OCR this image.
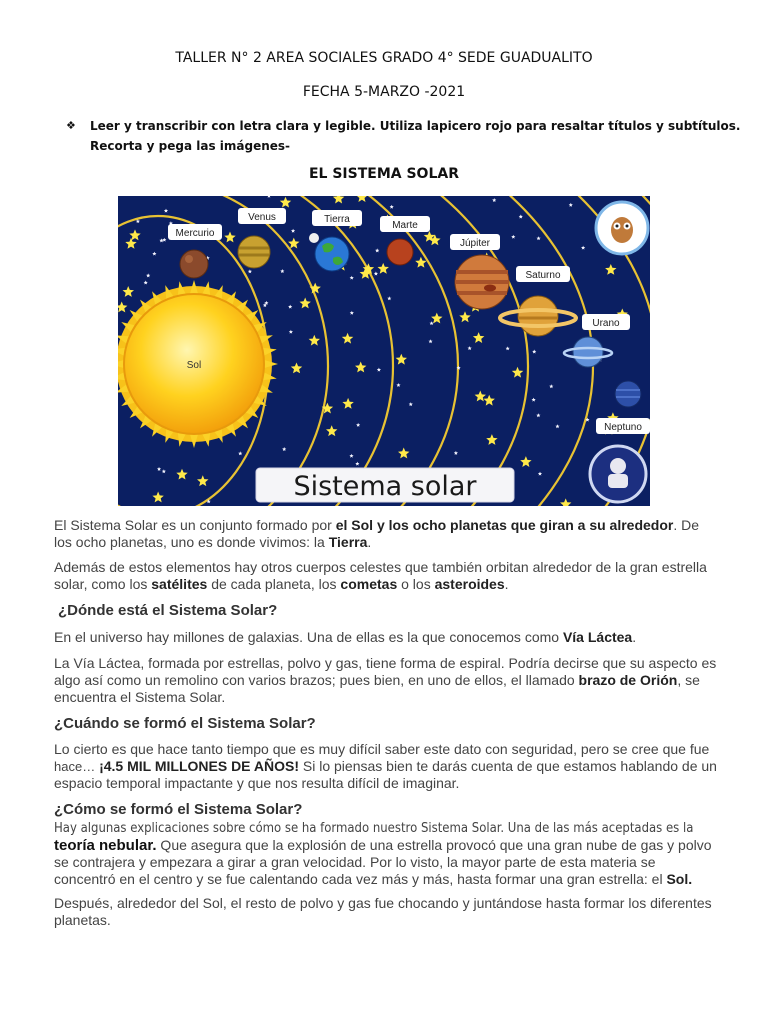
TALLER N° 2 AREA SOCIALES GRADO 4° SEDE GUADUALITO
FECHA 5-MARZO -2021
❖ Leer y transcribir con letra clara y legible. Utiliza lapicero rojo para resaltar títulos y subtítulos. Recorta y pega las imágenes-
EL SISTEMA SOLAR
Sol
Mercurio
Venus	Tierra
Marte
Júpiter
Saturno
Urano
Neptuno
Sistema solar

El Sistema Solar es un conjunto formado por el Sol y los ocho planetas que giran a su alrededor. De los ocho planetas, uno es donde vivimos: la Tierra.

Además de estos elementos hay otros cuerpos celestes que también orbitan alrededor de la gran estrella solar, como los satélites de cada planeta, los cometas o los asteroides.

¿Dónde está el Sistema Solar?

En el universo hay millones de galaxias. Una de ellas es la que conocemos como Vía Láctea.

La Vía Láctea, formada por estrellas, polvo y gas, tiene forma de espiral. Podría decirse que su aspecto es algo así como un remolino con varios brazos; pues bien, en uno de ellos, el llamado brazo de Orión, se encuentra el Sistema Solar.

¿Cuándo se formó el Sistema Solar?

Lo cierto es que hace tanto tiempo que es muy difícil saber este dato con seguridad, pero se cree que fue hace… ¡4.5 MIL MILLONES DE AÑOS! Si lo piensas bien te darás cuenta de que estamos hablando de un espacio temporal impactante y que nos resulta difícil de imaginar.

¿Cómo se formó el Sistema Solar?

Hay algunas explicaciones sobre cómo se ha formado nuestro Sistema Solar. Una de las más aceptadas es la teoría nebular. Que asegura que la explosión de una estrella provocó que una gran nube de gas y polvo se contrajera y empezara a girar a gran velocidad. Por lo visto, la mayor parte de esta materia se concentró en el centro y se fue calentando cada vez más y más, hasta formar una gran estrella: el Sol.

Después, alrededor del Sol, el resto de polvo y gas fue chocando y juntándose hasta formar los diferentes planetas.
